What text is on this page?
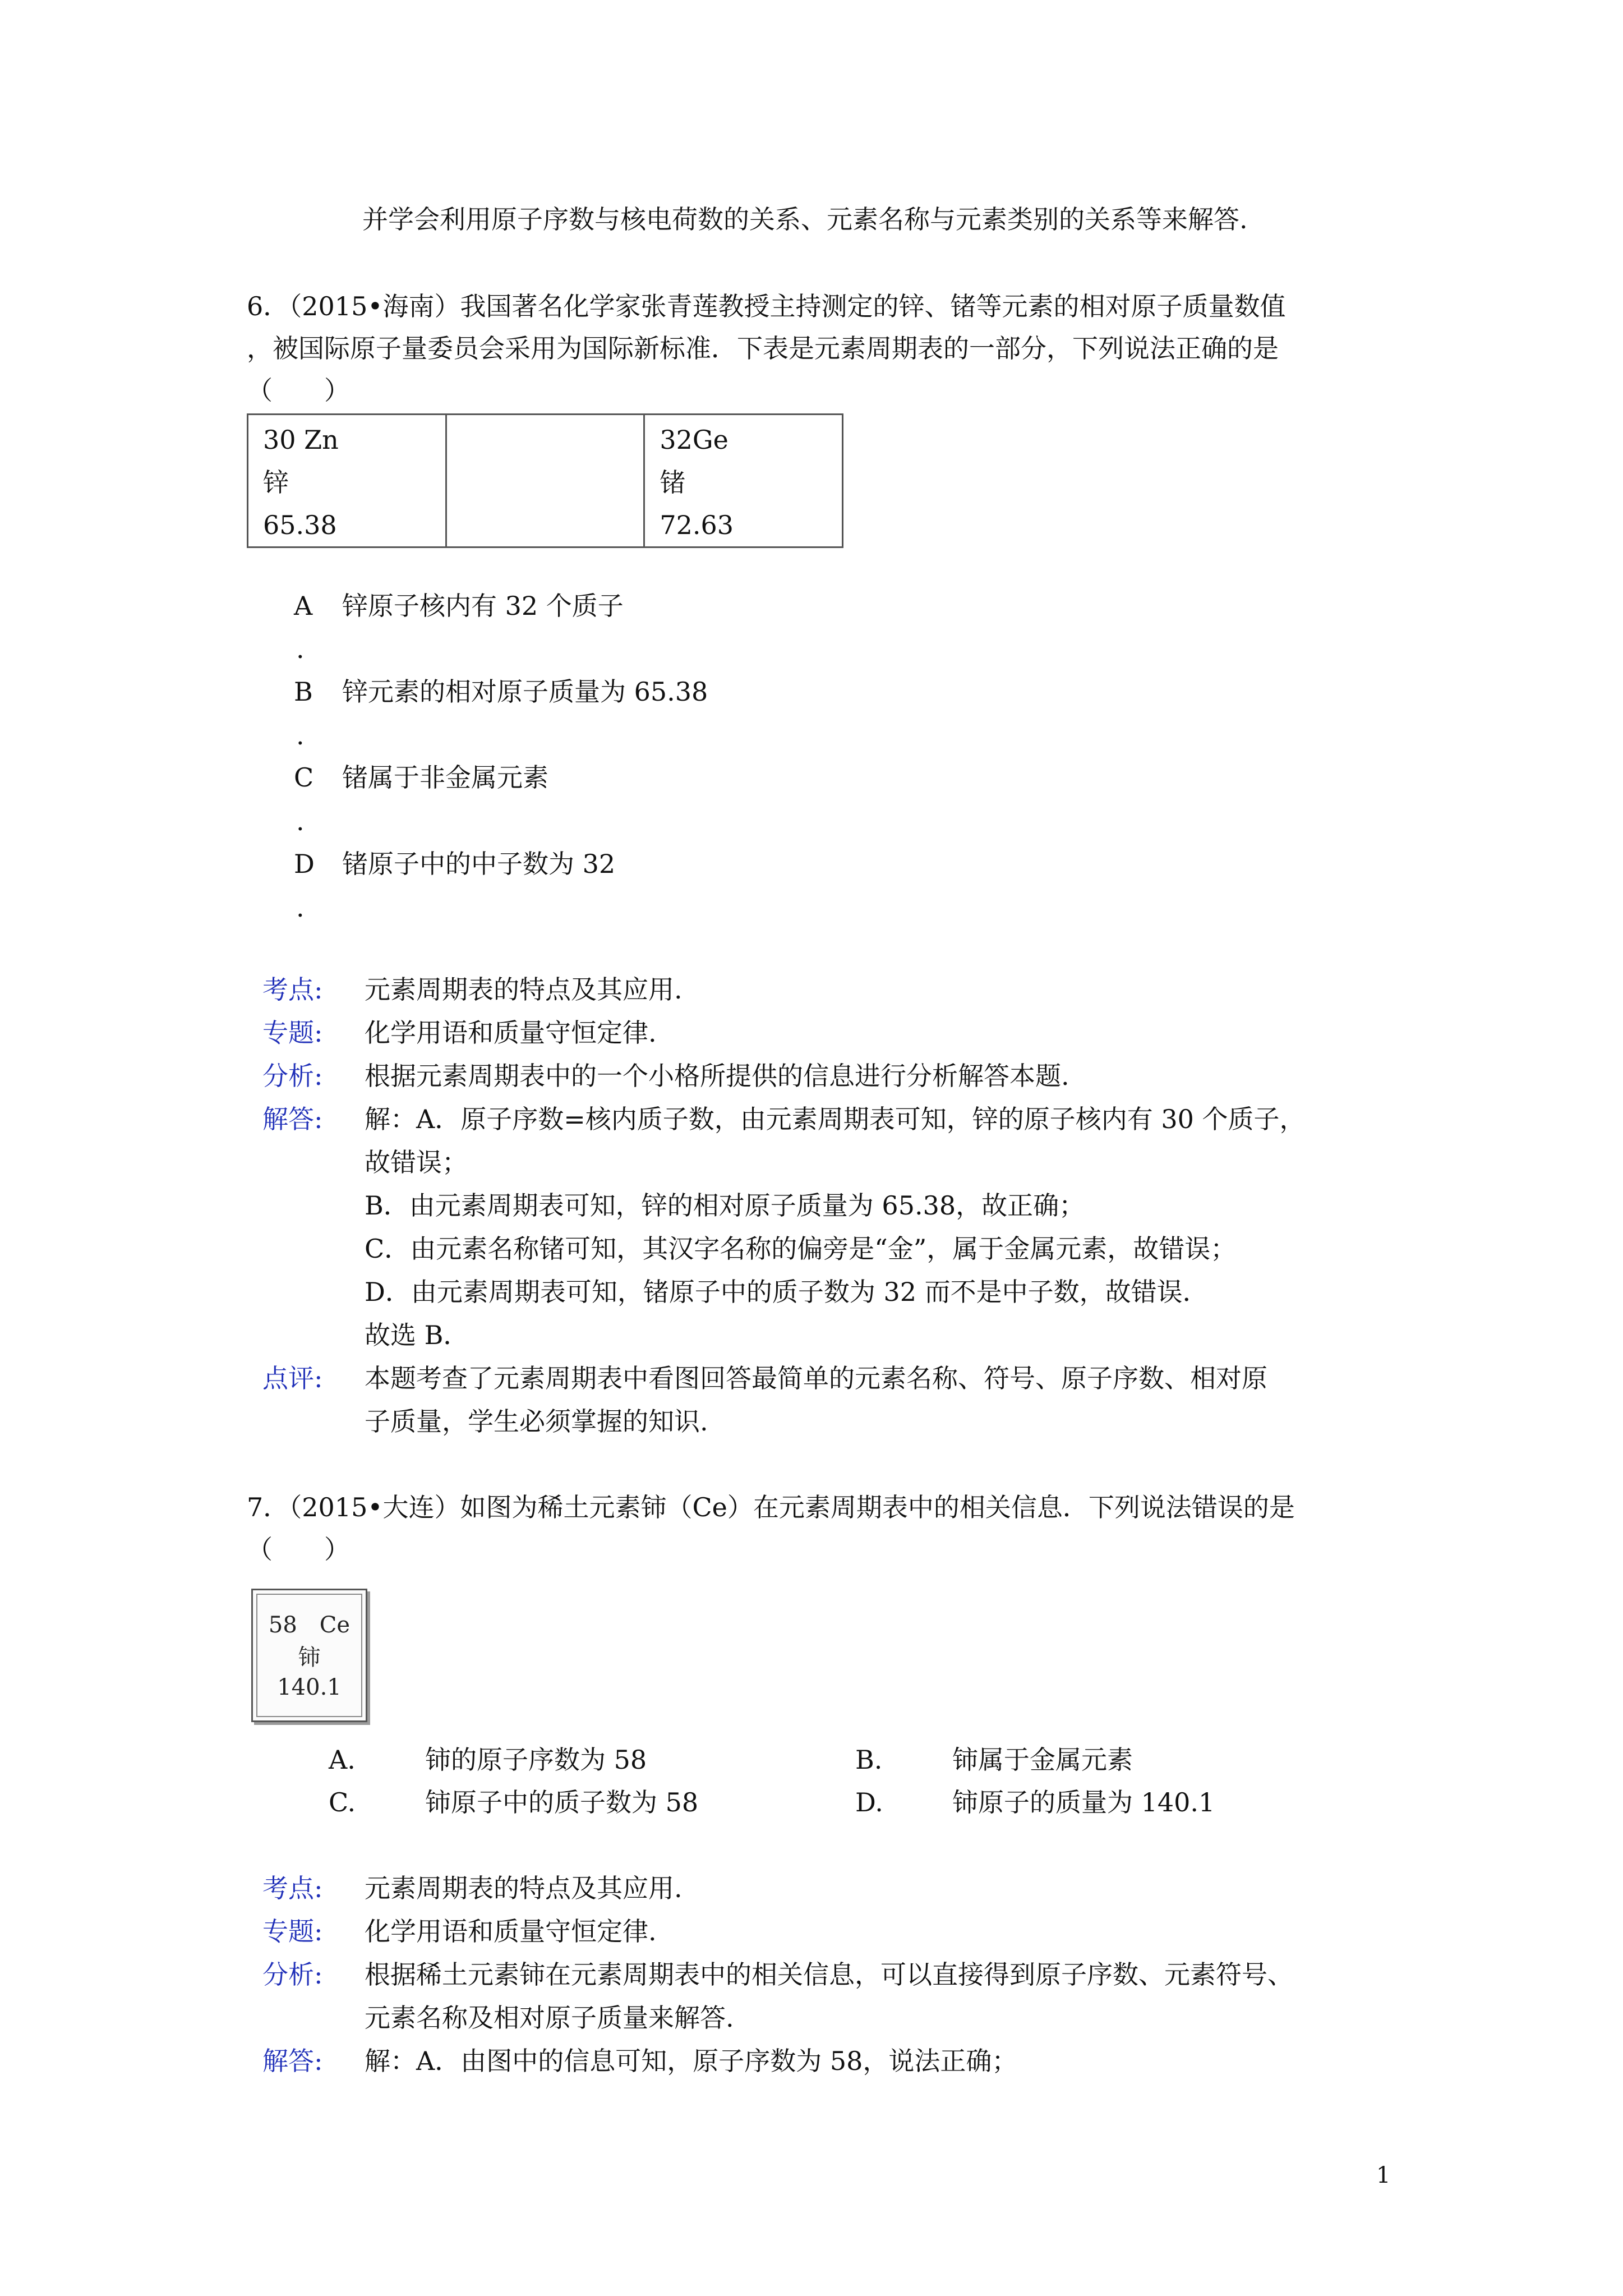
并学会利用原子序数与核电荷数的关系、元素名称与元素类别的关系等来解答.
6．（2015•海南）我国著名化学家张青莲教授主持测定的锌、锗等元素的相对原子质量数值
，被国际原子量委员会采用为国际新标准．下表是元素周期表的一部分，下列说法正确的是
（　　）
30 Zn
锌
65.38

32Ge
锗
72.63
A 锌原子核内有 32 个质子
.
B 锌元素的相对原子质量为 65.38
.
C 锗属于非金属元素
.
D 锗原子中的中子数为 32
.
考点: 元素周期表的特点及其应用.
专题: 化学用语和质量守恒定律.
分析: 根据元素周期表中的一个小格所提供的信息进行分析解答本题.
解答: 解：A．原子序数=核内质子数，由元素周期表可知，锌的原子核内有 30 个质子，
故错误；
B．由元素周期表可知，锌的相对原子质量为 65.38，故正确；
C．由元素名称锗可知，其汉字名称的偏旁是“金”，属于金属元素，故错误；
D．由元素周期表可知，锗原子中的质子数为 32 而不是中子数，故错误．
故选 B．
点评: 本题考查了元素周期表中看图回答最简单的元素名称、符号、原子序数、相对原
子质量，学生必须掌握的知识.
7．（2015•大连）如图为稀土元素铈（Ce）在元素周期表中的相关信息．下列说法错误的是
（　　）
58　Ce
铈
140.1
A.	铈的原子序数为 58	B.	铈属于金属元素
C.	铈原子中的质子数为 58	D.	铈原子的质量为 140.1
考点: 元素周期表的特点及其应用.
专题: 化学用语和质量守恒定律.
分析: 根据稀土元素铈在元素周期表中的相关信息，可以直接得到原子序数、元素符号、
元素名称及相对原子质量来解答.
解答: 解：A．由图中的信息可知，原子序数为 58，说法正确；
1
